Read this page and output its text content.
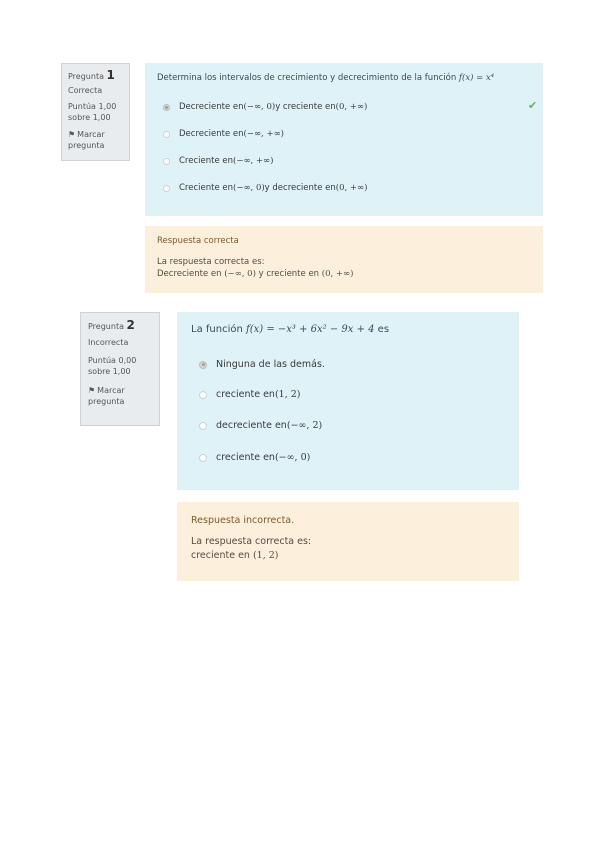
Pregunta 1
Correcta
Puntúa 1,00
sobre 1,00
⚑ Marcar
pregunta
Determina los intervalos de crecimiento y decrecimiento de la función f(x) = x⁴
Decreciente en (−∞, 0) y creciente en (0, +∞)	✔
Decreciente en (−∞, +∞)
Creciente en (−∞, +∞)
Creciente en (−∞, 0) y decreciente en (0, +∞)
Respuesta correcta
La respuesta correcta es:
Decreciente en (−∞, 0) y creciente en (0, +∞)
Pregunta 2
Incorrecta
Puntúa 0,00
sobre 1,00
⚑ Marcar
pregunta
La función f(x) = −x³ + 6x² − 9x + 4 es
Ninguna de las demás.
creciente en (1, 2)
decreciente en (−∞, 2)
creciente en (−∞, 0)
Respuesta incorrecta.
La respuesta correcta es:
creciente en (1, 2)
